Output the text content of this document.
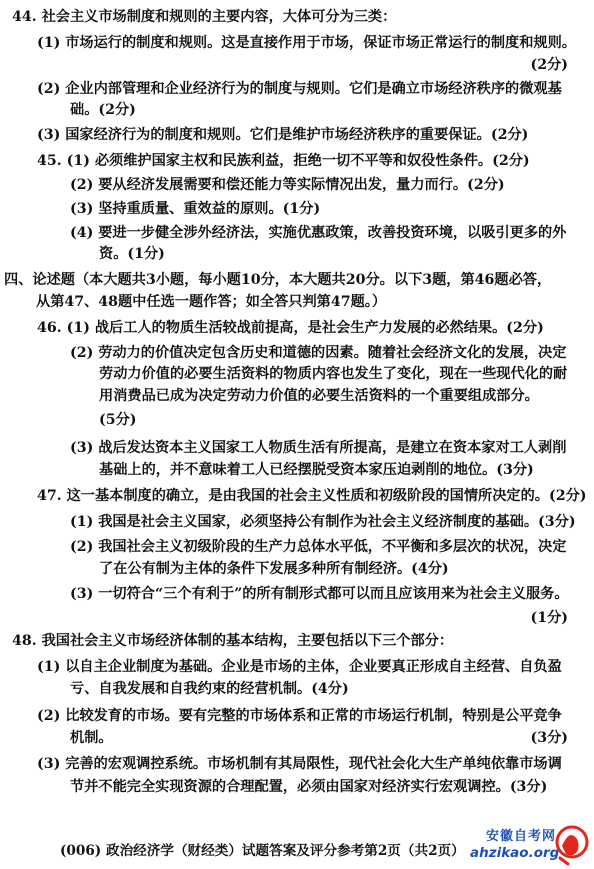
44. 社会主义市场制度和规则的主要内容，大体可分为三类：
(1) 市场运行的制度和规则。这是直接作用于市场，保证市场正常运行的制度和规则。
(2分)
(2) 企业内部管理和企业经济行为的制度与规则。它们是确立市场经济秩序的微观基
础。(2分)
(3) 国家经济行为的制度和规则。它们是维护市场经济秩序的重要保证。(2分)
45. (1) 必须维护国家主权和民族利益，拒绝一切不平等和奴役性条件。(2分)
(2) 要从经济发展需要和偿还能力等实际情况出发，量力而行。(2分)
(3) 坚持重质量、重效益的原则。(1分)
(4) 要进一步健全涉外经济法，实施优惠政策，改善投资环境，以吸引更多的外
资。(1分)
四、论述题（本大题共3小题，每小题10分，本大题共20分。以下3题，第46题必答，
从第47、48题中任选一题作答；如全答只判第47题。）
46. (1) 战后工人的物质生活较战前提高，是社会生产力发展的必然结果。(2分)
(2) 劳动力的价值决定包含历史和道德的因素。随着社会经济文化的发展，决定
劳动力价值的必要生活资料的物质内容也发生了变化，现在一些现代化的耐
用消费品已成为决定劳动力价值的必要生活资料的一个重要组成部分。
(5分)
(3) 战后发达资本主义国家工人物质生活有所提高，是建立在资本家对工人剥削
基础上的，并不意味着工人已经摆脱受资本家压迫剥削的地位。(3分)
47. 这一基本制度的确立，是由我国的社会主义性质和初级阶段的国情所决定的。(2分)
(1) 我国是社会主义国家，必须坚持公有制作为社会主义经济制度的基础。(3分)
(2) 我国社会主义初级阶段的生产力总体水平低，不平衡和多层次的状况，决定
了在公有制为主体的条件下发展多种所有制经济。(4分)
(3) 一切符合“三个有利于”的所有制形式都可以而且应该用来为社会主义服务。
(1分)
48. 我国社会主义市场经济体制的基本结构，主要包括以下三个部分：
(1) 以自主企业制度为基础。企业是市场的主体，企业要真正形成自主经营、自负盈
亏、自我发展和自我约束的经营机制。(4分)
(2) 比较发育的市场。要有完整的市场体系和正常的市场运行机制，特别是公平竞争
机制。	(3分)
(3) 完善的宏观调控系统。市场机制有其局限性，现代社会化大生产单纯依靠市场调
节并不能完全实现资源的合理配置，必须由国家对经济实行宏观调控。(3分)
(006) 政治经济学（财经类）试题答案及评分参考第2页（共2页）
安徽自考网
ahzikao.org
